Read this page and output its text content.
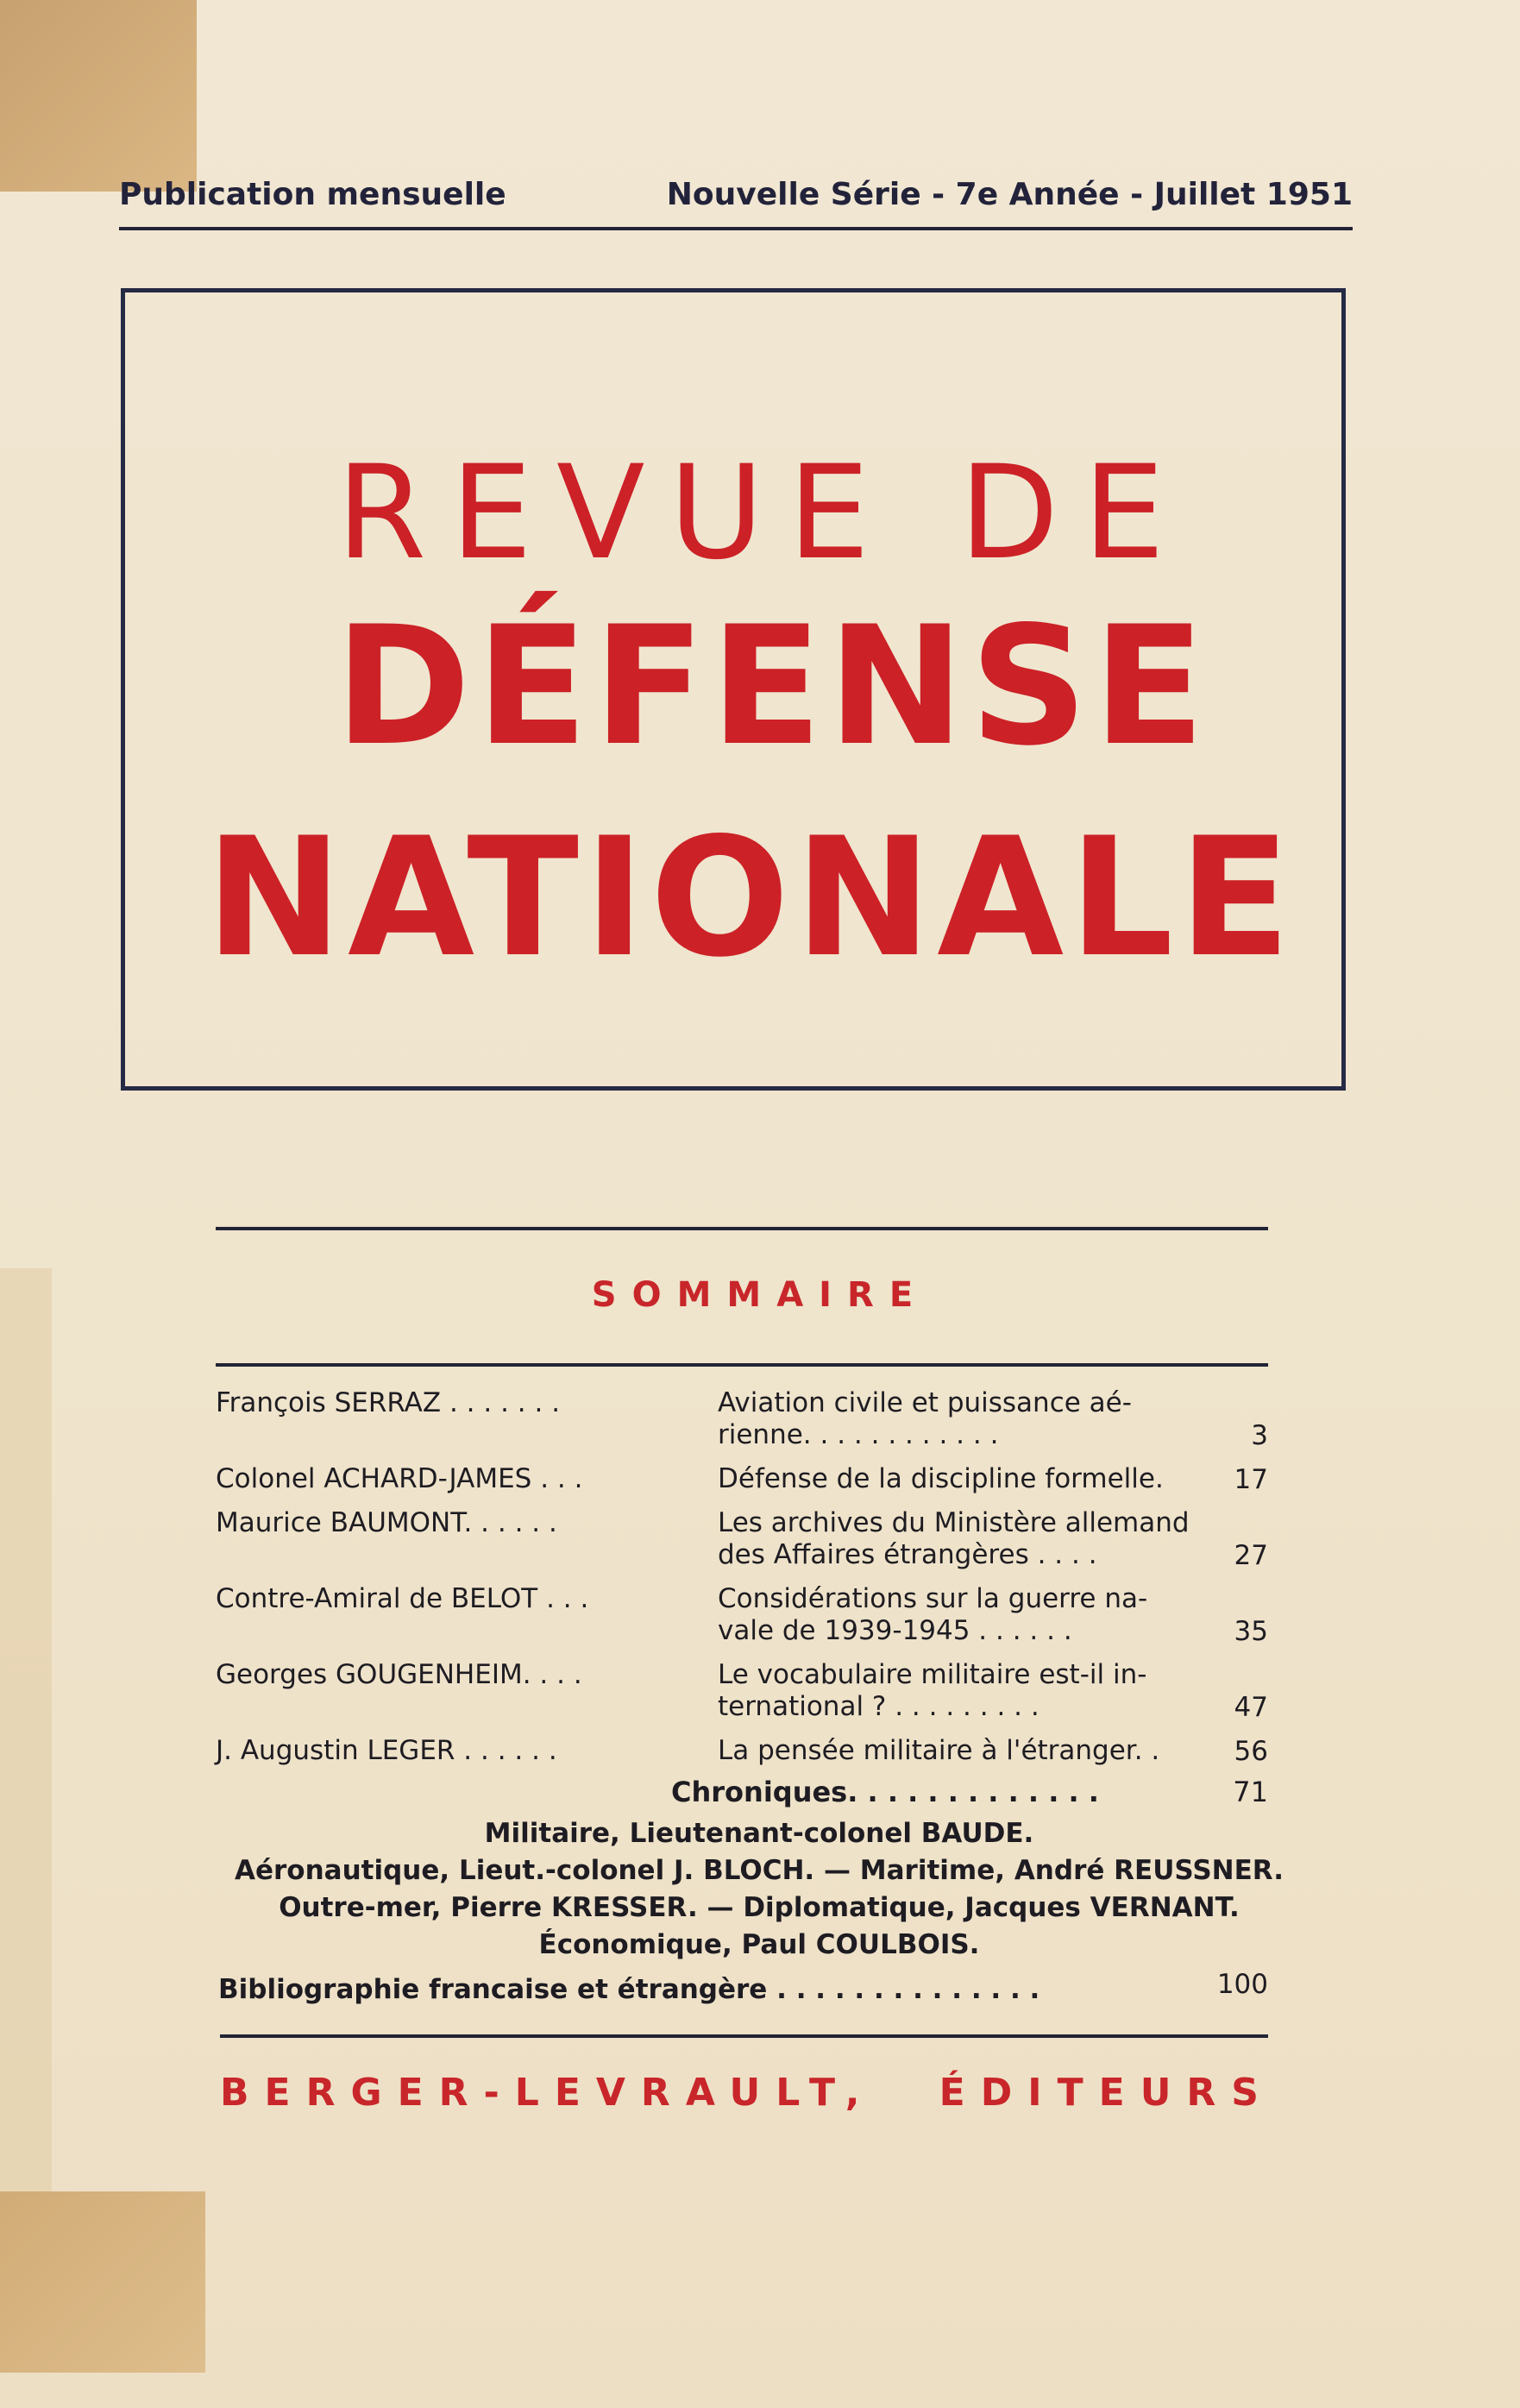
Publication mensuelle	Nouvelle Série - 7e Année - Juillet 1951
REVUE DE
DÉFENSE
NATIONALE
SOMMAIRE
François SERRAZ . . . . . . .	Aviation civile et puissance aé-rienne. . . . . . . . . . . .	3
Colonel ACHARD-JAMES . . .	Défense de la discipline formelle.	17
Maurice BAUMONT. . . . . .	Les archives du Ministère allemand des Affaires étrangères . . . .	27
Contre-Amiral de BELOT . . .	Considérations sur la guerre na-vale de 1939-1945 . . . . . .	35
Georges GOUGENHEIM. . . .	Le vocabulaire militaire est-il in-ternational ? . . . . . . . . .	47
J. Augustin LEGER . . . . . .	La pensée militaire à l'étranger. .	56
Chroniques. . . . . . . . . . . . .	71
Militaire, Lieutenant-colonel BAUDE.
Aéronautique, Lieut.-colonel J. BLOCH. — Maritime, André REUSSNER.
Outre-mer, Pierre KRESSER. — Diplomatique, Jacques VERNANT.
Économique, Paul COULBOIS.
Bibliographie francaise et étrangère . . . . . . . . . . . . . .	100
BERGER-LEVRAULT, ÉDITEURS
